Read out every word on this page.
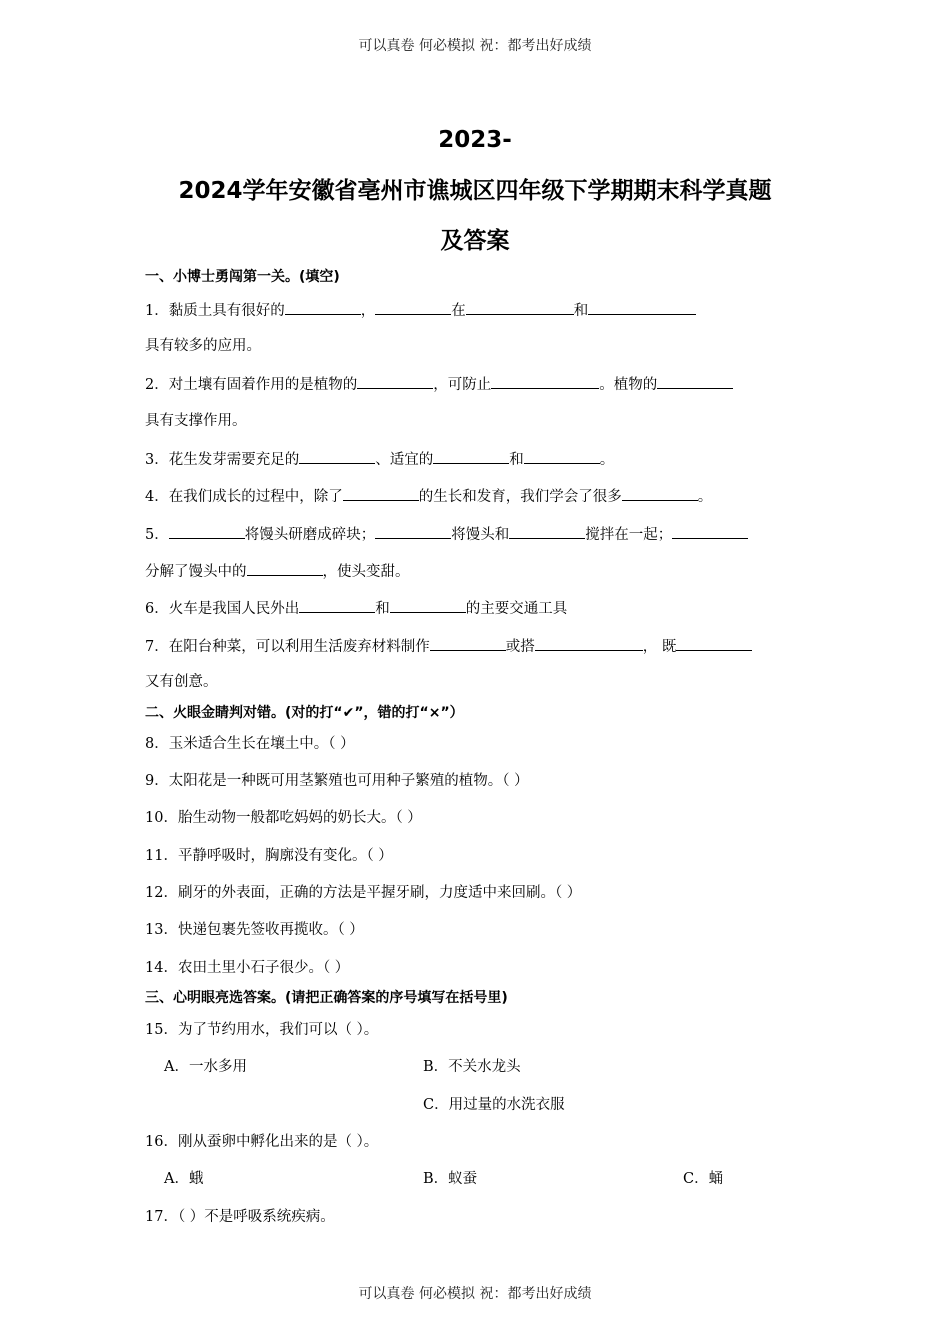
可以真卷 何必模拟 祝：都考出好成绩
2023-
2024学年安徽省亳州市谯城区四年级下学期期末科学真题
及答案
一、小博士勇闯第一关。(填空)
1．黏质土具有很好的	，	在	和
具有较多的应用。
2．对土壤有固着作用的是植物的	，可防止	。植物的
具有支撑作用。
3．花生发芽需要充足的	、适宜的	和	。
4．在我们成长的过程中，除了	的生长和发育，我们学会了很多	。
5．	将馒头研磨成碎块；	将馒头和	搅拌在一起；
分解了馒头中的	，使头变甜。
6．火车是我国人民外出	和	的主要交通工具
7．在阳台种菜，可以利用生活废弃材料制作	或搭	， 既
又有创意。
二、火眼金睛判对错。(对的打“✔”，错的打“×”）
8．玉米适合生长在壤土中。（ ）
9．太阳花是一种既可用茎繁殖也可用种子繁殖的植物。（ ）
10．胎生动物一般都吃妈妈的奶长大。（ ）
11．平静呼吸时，胸廓没有变化。（ ）
12．刷牙的外表面，正确的方法是平握牙刷，力度适中来回刷。（ ）
13．快递包裹先签收再揽收。（ ）
14．农田土里小石子很少。（ ）
三、心明眼亮选答案。(请把正确答案的序号填写在括号里)
15．为了节约用水，我们可以（ ）。
A．一水多用	B．不关水龙头
C．用过量的水洗衣服
16．刚从蚕卵中孵化出来的是（ ）。
A．蛾	B．蚁蚕	C．蛹
17．（ ）不是呼吸系统疾病。
可以真卷 何必模拟 祝：都考出好成绩
